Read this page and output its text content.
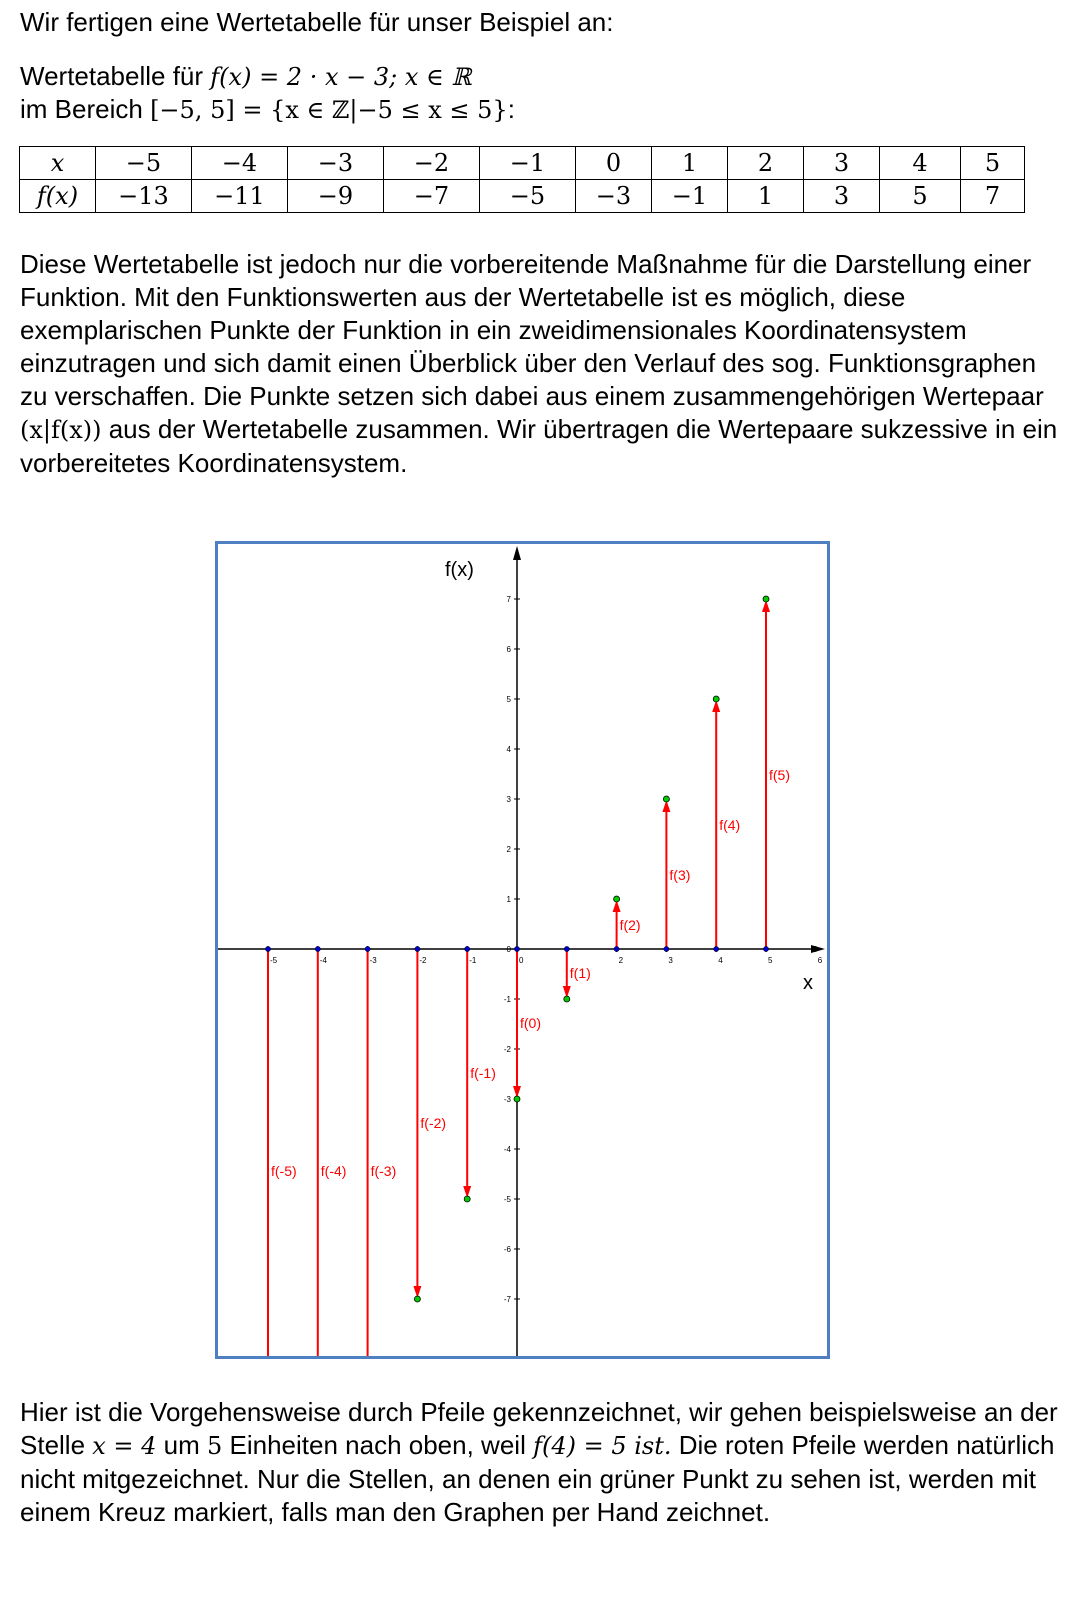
Wir fertigen eine Wertetabelle für unser Beispiel an:

Wertetabelle für f(x) = 2 · x − 3; x ∈ ℝ

im Bereich [−5, 5] = {x ∈ ℤ|−5 ≤ x ≤ 5}:

x	−5	−4	−3	−2	−1	0	1	2	3	4	5
f(x)	−13	−11	−9	−7	−5	−3	−1	1	3	5	7

Diese Wertetabelle ist jedoch nur die vorbereitende Maßnahme für die Darstellung einer Funktion. Mit den Funktionswerten aus der Wertetabelle ist es möglich, diese exemplarischen Punkte der Funktion in ein zweidimensionales Koordinatensystem einzutragen und sich damit einen Überblick über den Verlauf des sog. Funktionsgraphen zu verschaffen. Die Punkte setzen sich dabei aus einem zusammengehörigen Wertepaar (x|f(x)) aus der Wertetabelle zusammen. Wir übertragen die Wertepaare sukzessive in ein vorbereitetes Koordinatensystem.

-5	-4	-3	-2	-1	0	2	3	4	5	6
7
6
5
4
3
2
1
0
-1
-2
-3
-4
-5
-6
-7
x
f(x)
f(-5) f(-4) f(-3)
f(-2)
f(-1)
f(0)
f(1)
f(2)
f(3)
f(4)
f(5)

Hier ist die Vorgehensweise durch Pfeile gekennzeichnet, wir gehen beispielsweise an der Stelle x = 4 um 5 Einheiten nach oben, weil f(4) = 5 ist. Die roten Pfeile werden natürlich nicht mitgezeichnet. Nur die Stellen, an denen ein grüner Punkt zu sehen ist, werden mit einem Kreuz markiert, falls man den Graphen per Hand zeichnet.
